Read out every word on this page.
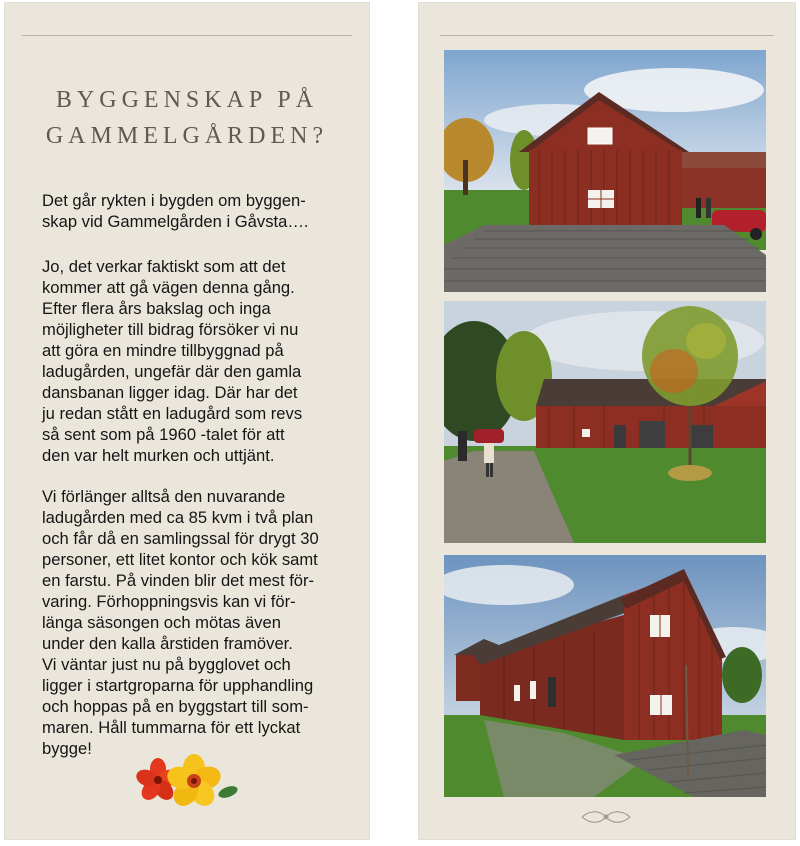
BYGGENSKAP PÅ
GAMMELGÅRDEN?

Det går rykten i bygden om byggen-
skap vid Gammelgården i Gåvsta….

Jo, det verkar faktiskt som att det
kommer att gå vägen denna gång.
Efter flera års bakslag och inga
möjligheter till bidrag försöker vi nu
att göra en mindre tillbyggnad på
ladugården, ungefär där den gamla
dansbanan ligger idag. Där har det
ju redan stått en ladugård som revs
så sent som på 1960 -talet för att
den var helt murken och uttjänt.

Vi förlänger alltså den nuvarande
ladugården med ca 85 kvm i två plan
och får då en samlingssal för drygt 30
personer, ett litet kontor och kök samt
en farstu. På vinden blir det mest för-
varing. Förhoppningsvis kan vi för-
länga säsongen och mötas även
under den kalla årstiden framöver.
Vi väntar just nu på bygglovet och
ligger i startgroparna för upphandling
och hoppas på en byggstart till som-
maren. Håll tummarna för ett lyckat
bygge!
